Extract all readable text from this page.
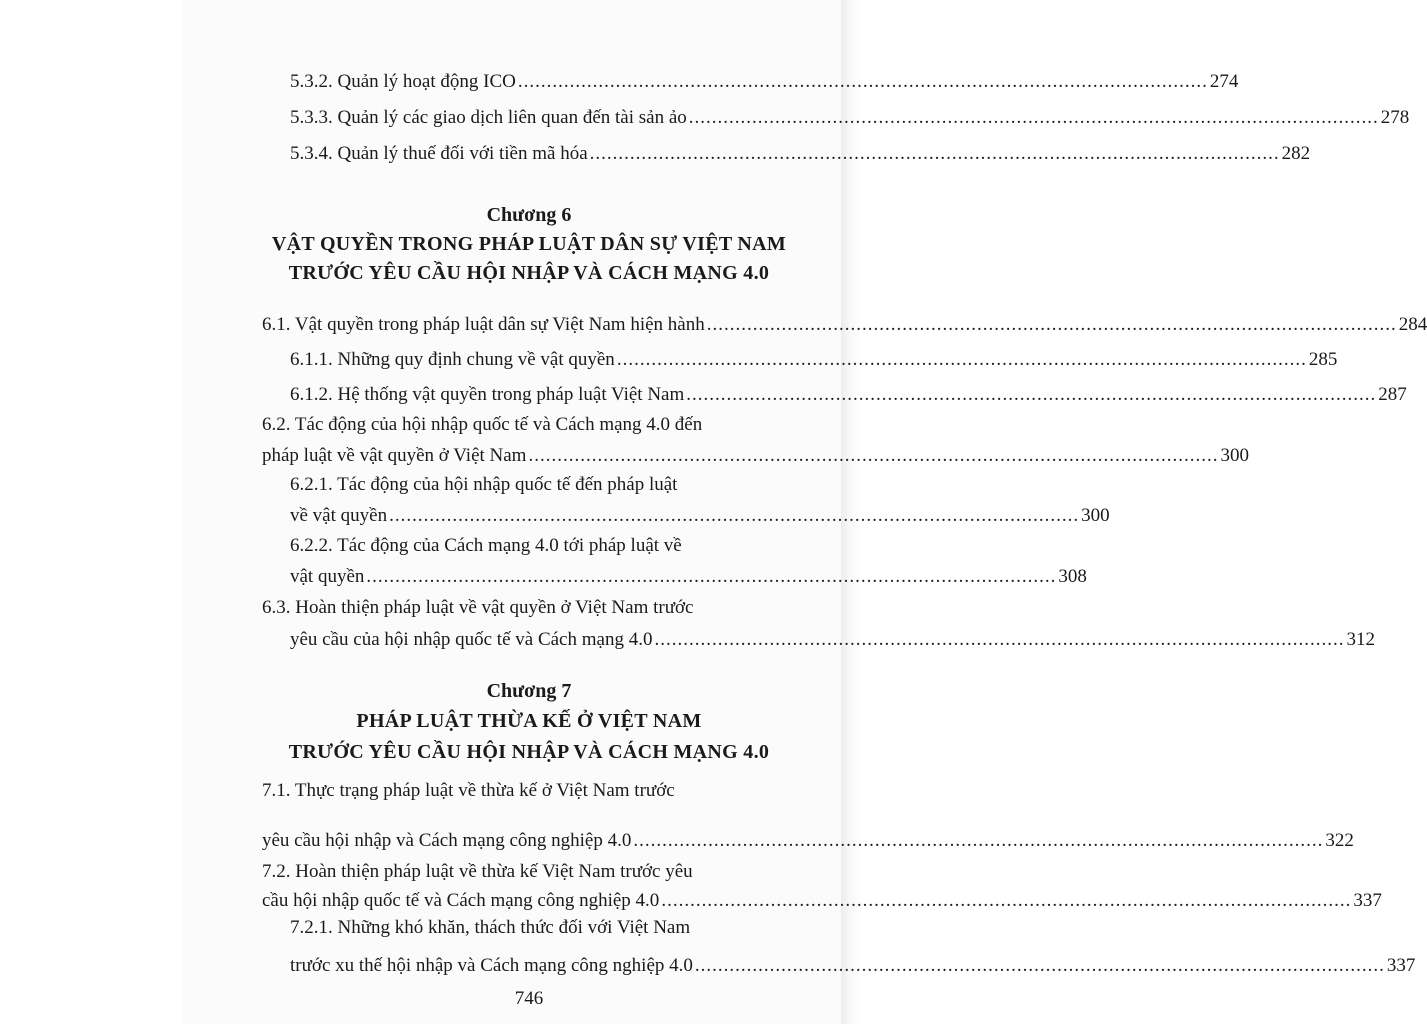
5.3.2. Quản lý hoạt động ICO ........................................................................................................................ 274
5.3.3. Quản lý các giao dịch liên quan đến tài sản ảo ........................................................................................................................ 278
5.3.4. Quản lý thuế đối với tiền mã hóa ........................................................................................................................ 282
Chương 6
VẬT QUYỀN TRONG PHÁP LUẬT DÂN SỰ VIỆT NAM
TRƯỚC YÊU CẦU HỘI NHẬP VÀ CÁCH MẠNG 4.0
6.1. Vật quyền trong pháp luật dân sự Việt Nam hiện hành ........................................................................................................................ 284
6.1.1. Những quy định chung về vật quyền ........................................................................................................................ 285
6.1.2. Hệ thống vật quyền trong pháp luật Việt Nam ........................................................................................................................ 287
6.2. Tác động của hội nhập quốc tế và Cách mạng 4.0 đến
pháp luật về vật quyền ở Việt Nam ........................................................................................................................ 300
6.2.1. Tác động của hội nhập quốc tế đến pháp luật
về vật quyền ........................................................................................................................ 300
6.2.2. Tác động của Cách mạng 4.0 tới pháp luật về
vật quyền ........................................................................................................................ 308
6.3. Hoàn thiện pháp luật về vật quyền ở Việt Nam trước
yêu cầu của hội nhập quốc tế và Cách mạng 4.0 ........................................................................................................................ 312
Chương 7
PHÁP LUẬT THỪA KẾ Ở VIỆT NAM
TRƯỚC YÊU CẦU HỘI NHẬP VÀ CÁCH MẠNG 4.0
7.1. Thực trạng pháp luật về thừa kế ở Việt Nam trước
yêu cầu hội nhập và Cách mạng công nghiệp 4.0 ........................................................................................................................ 322
7.2. Hoàn thiện pháp luật về thừa kế Việt Nam trước yêu
cầu hội nhập quốc tế và Cách mạng công nghiệp 4.0 ........................................................................................................................ 337
7.2.1. Những khó khăn, thách thức đối với Việt Nam
trước xu thế hội nhập và Cách mạng công nghiệp 4.0 ........................................................................................................................ 337
746
